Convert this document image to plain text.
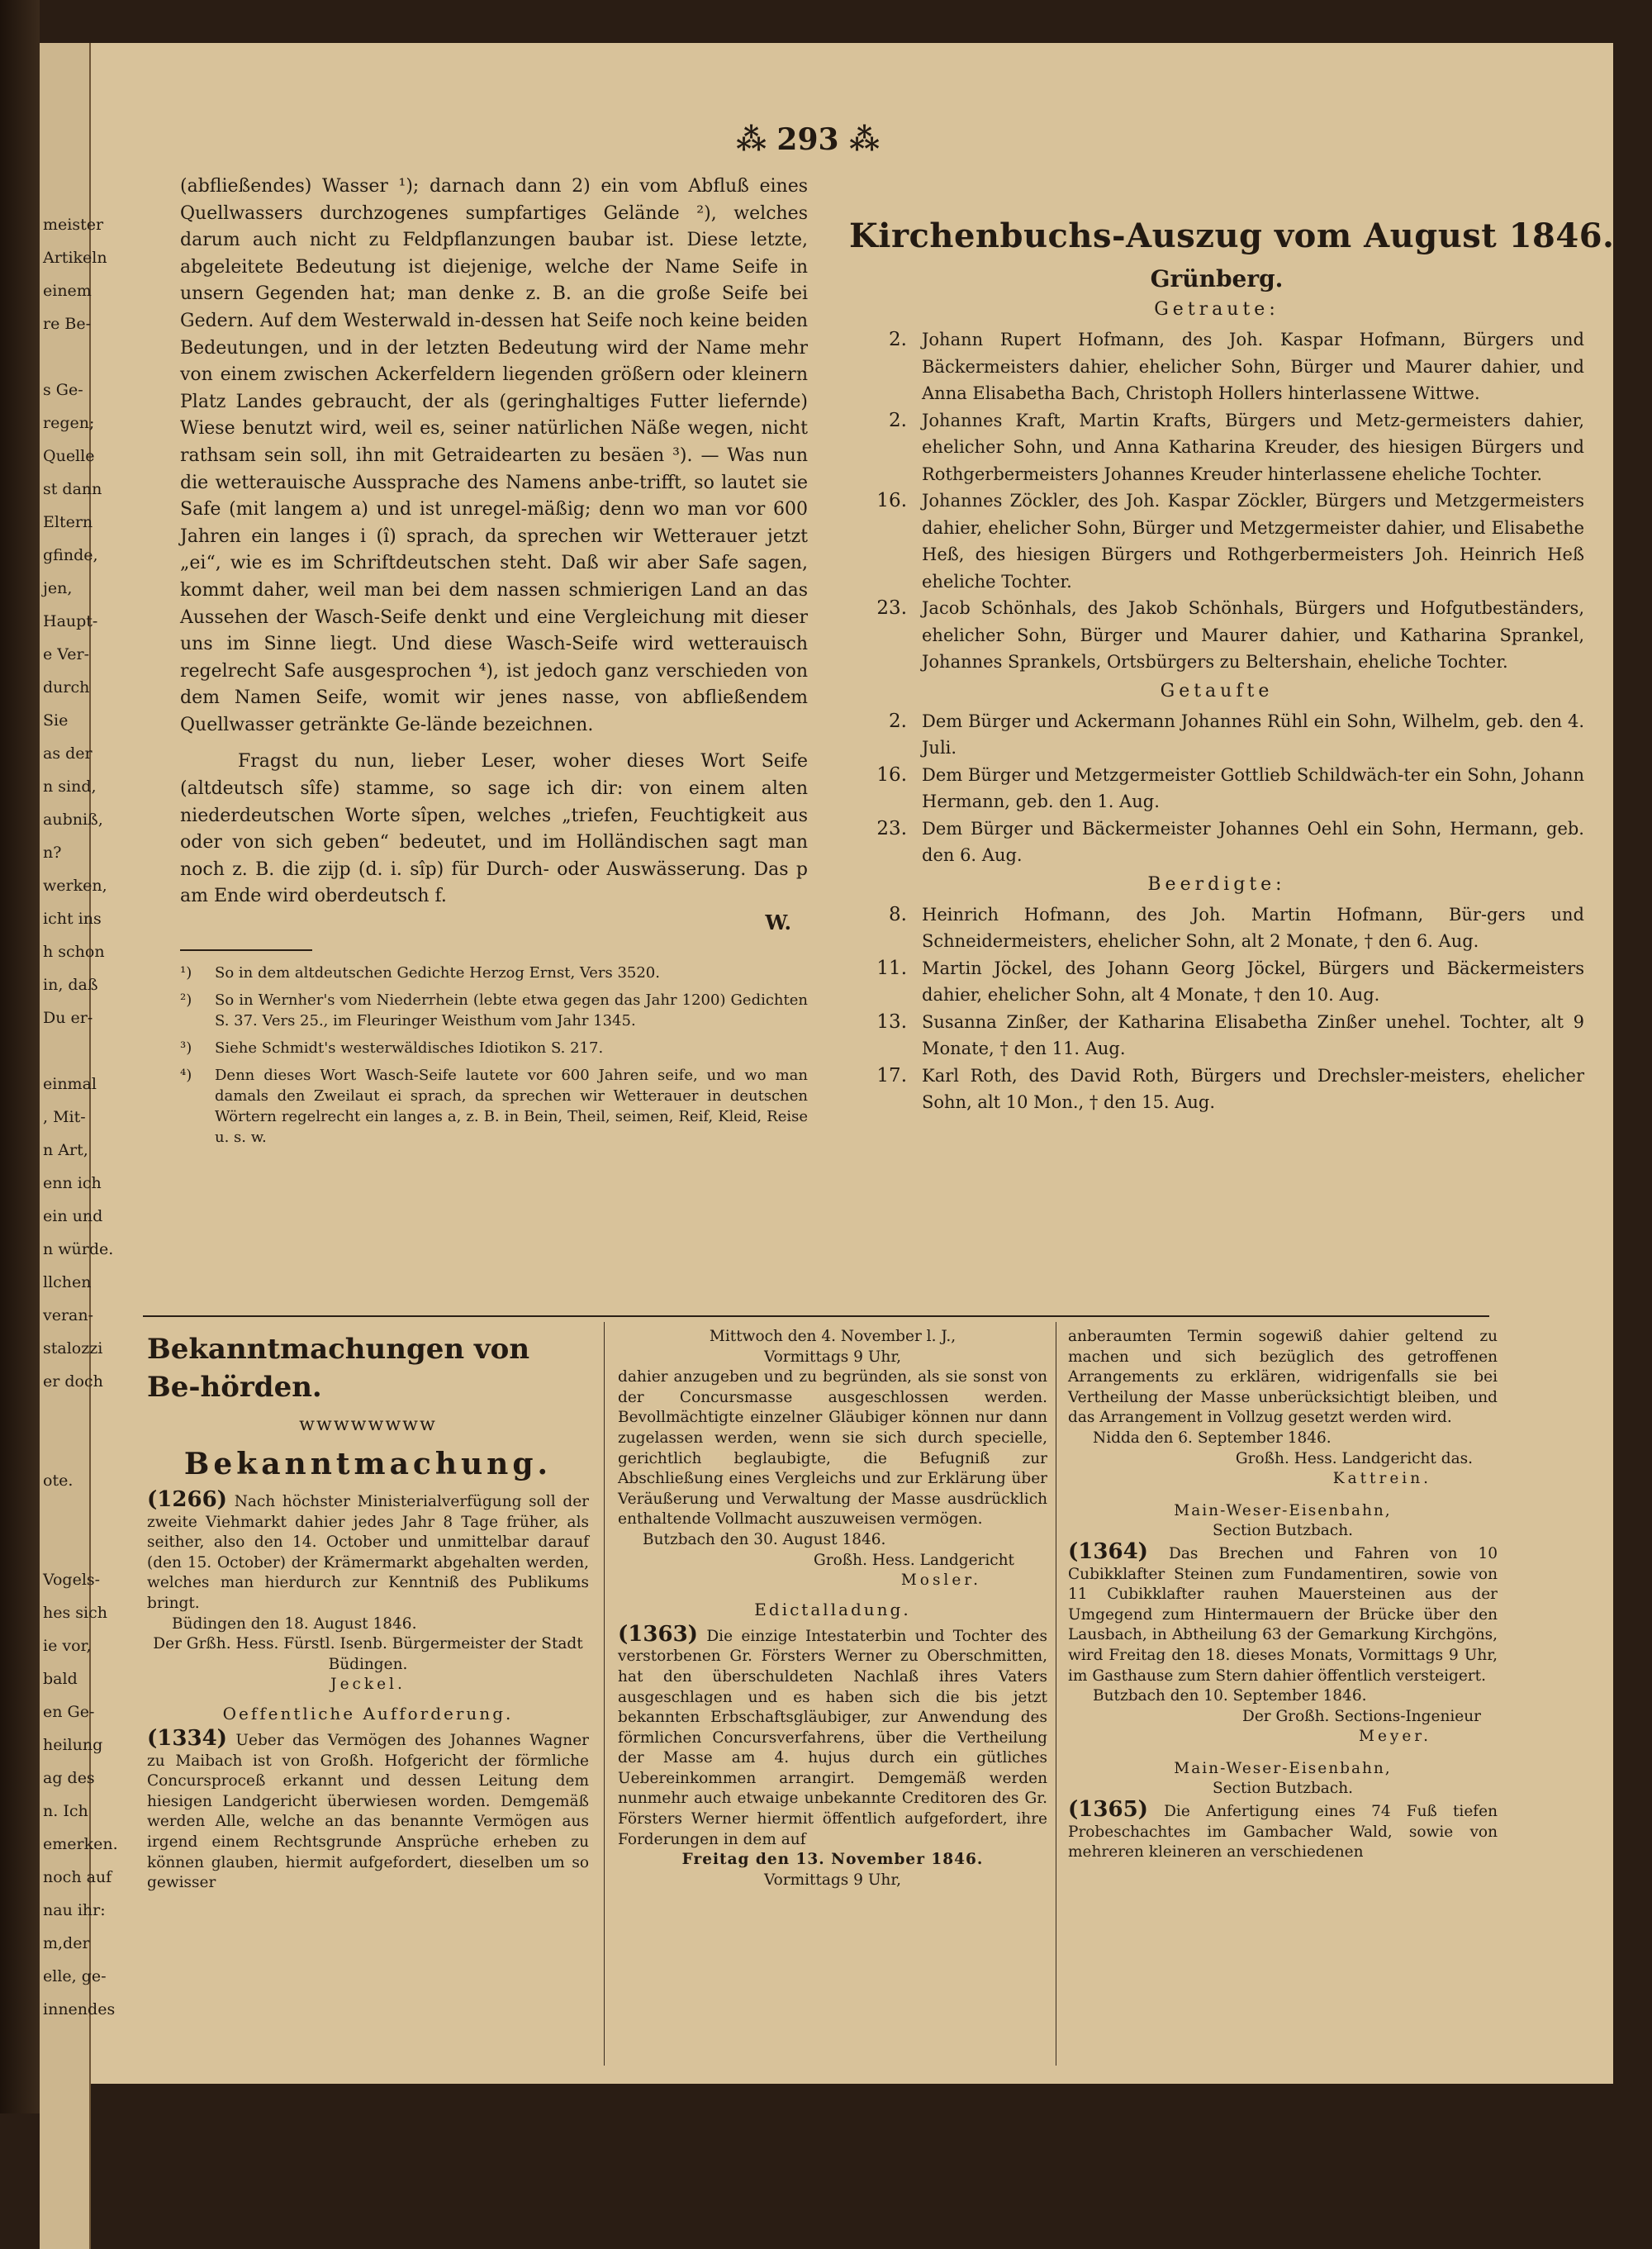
meister
Artikeln
einem
re Be-
s Ge-
regen;
Quelle
st dann
Eltern
gfinde,
jen,
Haupt-
e Ver-
durch
Sie
as der
n sind,
aubniß,
n?
werken,
icht ins
h schon
in, daß
Du er-
einmal
, Mit-
n Art,
enn ich
ein und
n würde.
llchen
veran-
stalozzi
er doch
ote.
Vogels-
hes sich
ie vor,
bald
en Ge-
heilung
ag des
n. Ich
emerken.
noch auf
nau ihr:
m,der
elle, ge-
innendes
⁂ 293 ⁂

(abfließendes) Wasser ¹); darnach dann 2) ein vom Abfluß eines Quellwassers durchzogenes sumpfartiges Gelände ²), welches darum auch nicht zu Feldpflanzungen baubar ist. Diese letzte, abgeleitete Bedeutung ist diejenige, welche der Name Seife in unsern Gegenden hat; man denke z. B. an die große Seife bei Gedern. Auf dem Westerwald in-dessen hat Seife noch keine beiden Bedeutungen, und in der letzten Bedeutung wird der Name mehr von einem zwischen Ackerfeldern liegenden größern oder kleinern Platz Landes gebraucht, der als (geringhaltiges Futter liefernde) Wiese benutzt wird, weil es, seiner natürlichen Näße wegen, nicht rathsam sein soll, ihn mit Getraidearten zu besäen ³). — Was nun die wetterauische Aussprache des Namens anbe-trifft, so lautet sie Safe (mit langem a) und ist unregel-mäßig; denn wo man vor 600 Jahren ein langes i (î) sprach, da sprechen wir Wetterauer jetzt „ei“, wie es im Schriftdeutschen steht. Daß wir aber Safe sagen, kommt daher, weil man bei dem nassen schmierigen Land an das Aussehen der Wasch-Seife denkt und eine Vergleichung mit dieser uns im Sinne liegt. Und diese Wasch-Seife wird wetterauisch regelrecht Safe ausgesprochen ⁴), ist jedoch ganz verschieden von dem Namen Seife, womit wir jenes nasse, von abfließendem Quellwasser getränkte Ge-lände bezeichnen.

Fragst du nun, lieber Leser, woher dieses Wort Seife (altdeutsch sîfe) stamme, so sage ich dir: von einem alten niederdeutschen Worte sîpen, welches „triefen, Feuchtigkeit aus oder von sich geben“ bedeutet, und im Holländischen sagt man noch z. B. die zijp (d. i. sîp) für Durch- oder Auswässerung. Das p am Ende wird oberdeutsch f.

W.

¹)	So in dem altdeutschen Gedichte Herzog Ernst, Vers 3520.
²)	So in Wernher's vom Niederrhein (lebte etwa gegen das Jahr 1200) Gedichten S. 37. Vers 25., im Fleuringer Weisthum vom Jahr 1345.
³)	Siehe Schmidt's westerwäldisches Idiotikon S. 217.
⁴)	Denn dieses Wort Wasch-Seife lautete vor 600 Jahren seife, und wo man damals den Zweilaut ei sprach, da sprechen wir Wetterauer in deutschen Wörtern regelrecht ein langes a, z. B. in Bein, Theil, seimen, Reif, Kleid, Reise u. s. w.
Kirchenbuchs-Auszug vom August 1846.
Grünberg.
Getraute:
2. Johann Rupert Hofmann, des Joh. Kaspar Hofmann, Bürgers und Bäckermeisters dahier, ehelicher Sohn, Bürger und Maurer dahier, und Anna Elisabetha Bach, Christoph Hollers hinterlassene Wittwe.
2. Johannes Kraft, Martin Krafts, Bürgers und Metz-germeisters dahier, ehelicher Sohn, und Anna Katharina Kreuder, des hiesigen Bürgers und Rothgerbermeisters Johannes Kreuder hinterlassene eheliche Tochter.
16. Johannes Zöckler, des Joh. Kaspar Zöckler, Bürgers und Metzgermeisters dahier, ehelicher Sohn, Bürger und Metzgermeister dahier, und Elisabethe Heß, des hiesigen Bürgers und Rothgerbermeisters Joh. Heinrich Heß eheliche Tochter.
23. Jacob Schönhals, des Jakob Schönhals, Bürgers und Hofgutbeständers, ehelicher Sohn, Bürger und Maurer dahier, und Katharina Sprankel, Johannes Sprankels, Ortsbürgers zu Beltershain, eheliche Tochter.
Getaufte
2. Dem Bürger und Ackermann Johannes Rühl ein Sohn, Wilhelm, geb. den 4. Juli.
16. Dem Bürger und Metzgermeister Gottlieb Schildwäch-ter ein Sohn, Johann Hermann, geb. den 1. Aug.
23. Dem Bürger und Bäckermeister Johannes Oehl ein Sohn, Hermann, geb. den 6. Aug.
Beerdigte:
8. Heinrich Hofmann, des Joh. Martin Hofmann, Bür-gers und Schneidermeisters, ehelicher Sohn, alt 2 Monate, † den 6. Aug.
11. Martin Jöckel, des Johann Georg Jöckel, Bürgers und Bäckermeisters dahier, ehelicher Sohn, alt 4 Monate, † den 10. Aug.
13. Susanna Zinßer, der Katharina Elisabetha Zinßer unehel. Tochter, alt 9 Monate, † den 11. Aug.
17. Karl Roth, des David Roth, Bürgers und Drechsler-meisters, ehelicher Sohn, alt 10 Mon., † den 15. Aug.
Bekanntmachungen von Be-hörden.
wwwwwwww
Bekanntmachung.

(1266) Nach höchster Ministerialverfügung soll der zweite Viehmarkt dahier jedes Jahr 8 Tage früher, als seither, also den 14. October und unmittelbar darauf (den 15. October) der Krämermarkt abgehalten werden, welches man hierdurch zur Kenntniß des Publikums bringt.

Büdingen den 18. August 1846.

Der Grßh. Hess. Fürstl. Isenb. Bürgermeister der Stadt Büdingen.

Jeckel.

Oeffentliche Aufforderung.

(1334) Ueber das Vermögen des Johannes Wagner zu Maibach ist von Großh. Hofgericht der förmliche Concursproceß erkannt und dessen Leitung dem hiesigen Landgericht überwiesen worden. Demgemäß werden Alle, welche an das benannte Vermögen aus irgend einem Rechtsgrunde Ansprüche erheben zu können glauben, hiermit aufgefordert, dieselben um so gewisser

Mittwoch den 4. November l. J.,

Vormittags 9 Uhr,

dahier anzugeben und zu begründen, als sie sonst von der Concursmasse ausgeschlossen werden. Bevollmächtigte einzelner Gläubiger können nur dann zugelassen werden, wenn sie sich durch specielle, gerichtlich beglaubigte, die Befugniß zur Abschließung eines Vergleichs und zur Erklärung über Veräußerung und Verwaltung der Masse ausdrücklich enthaltende Vollmacht auszuweisen vermögen.

Butzbach den 30. August 1846.

Großh. Hess. Landgericht

Mosler.

Edictalladung.

(1363) Die einzige Intestaterbin und Tochter des verstorbenen Gr. Försters Werner zu Oberschmitten, hat den überschuldeten Nachlaß ihres Vaters ausgeschlagen und es haben sich die bis jetzt bekannten Erbschaftsgläubiger, zur Anwendung des förmlichen Concursverfahrens, über die Vertheilung der Masse am 4. hujus durch ein gütliches Uebereinkommen arrangirt. Demgemäß werden nunmehr auch etwaige unbekannte Creditoren des Gr. Försters Werner hiermit öffentlich aufgefordert, ihre Forderungen in dem auf

Freitag den 13. November 1846.

Vormittags 9 Uhr,

anberaumten Termin sogewiß dahier geltend zu machen und sich bezüglich des getroffenen Arrangements zu erklären, widrigenfalls sie bei Vertheilung der Masse unberücksichtigt bleiben, und das Arrangement in Vollzug gesetzt werden wird.

Nidda den 6. September 1846.

Großh. Hess. Landgericht das.

Kattrein.

Main-Weser-Eisenbahn,

Section Butzbach.

(1364) Das Brechen und Fahren von 10 Cubikklafter Steinen zum Fundamentiren, sowie von 11 Cubikklafter rauhen Mauersteinen aus der Umgegend zum Hintermauern der Brücke über den Lausbach, in Abtheilung 63 der Gemarkung Kirchgöns, wird Freitag den 18. dieses Monats, Vormittags 9 Uhr, im Gasthause zum Stern dahier öffentlich versteigert.

Butzbach den 10. September 1846.

Der Großh. Sections-Ingenieur

Meyer.

Main-Weser-Eisenbahn,

Section Butzbach.

(1365) Die Anfertigung eines 74 Fuß tiefen Probeschachtes im Gambacher Wald, sowie von mehreren kleineren an verschiedenen
